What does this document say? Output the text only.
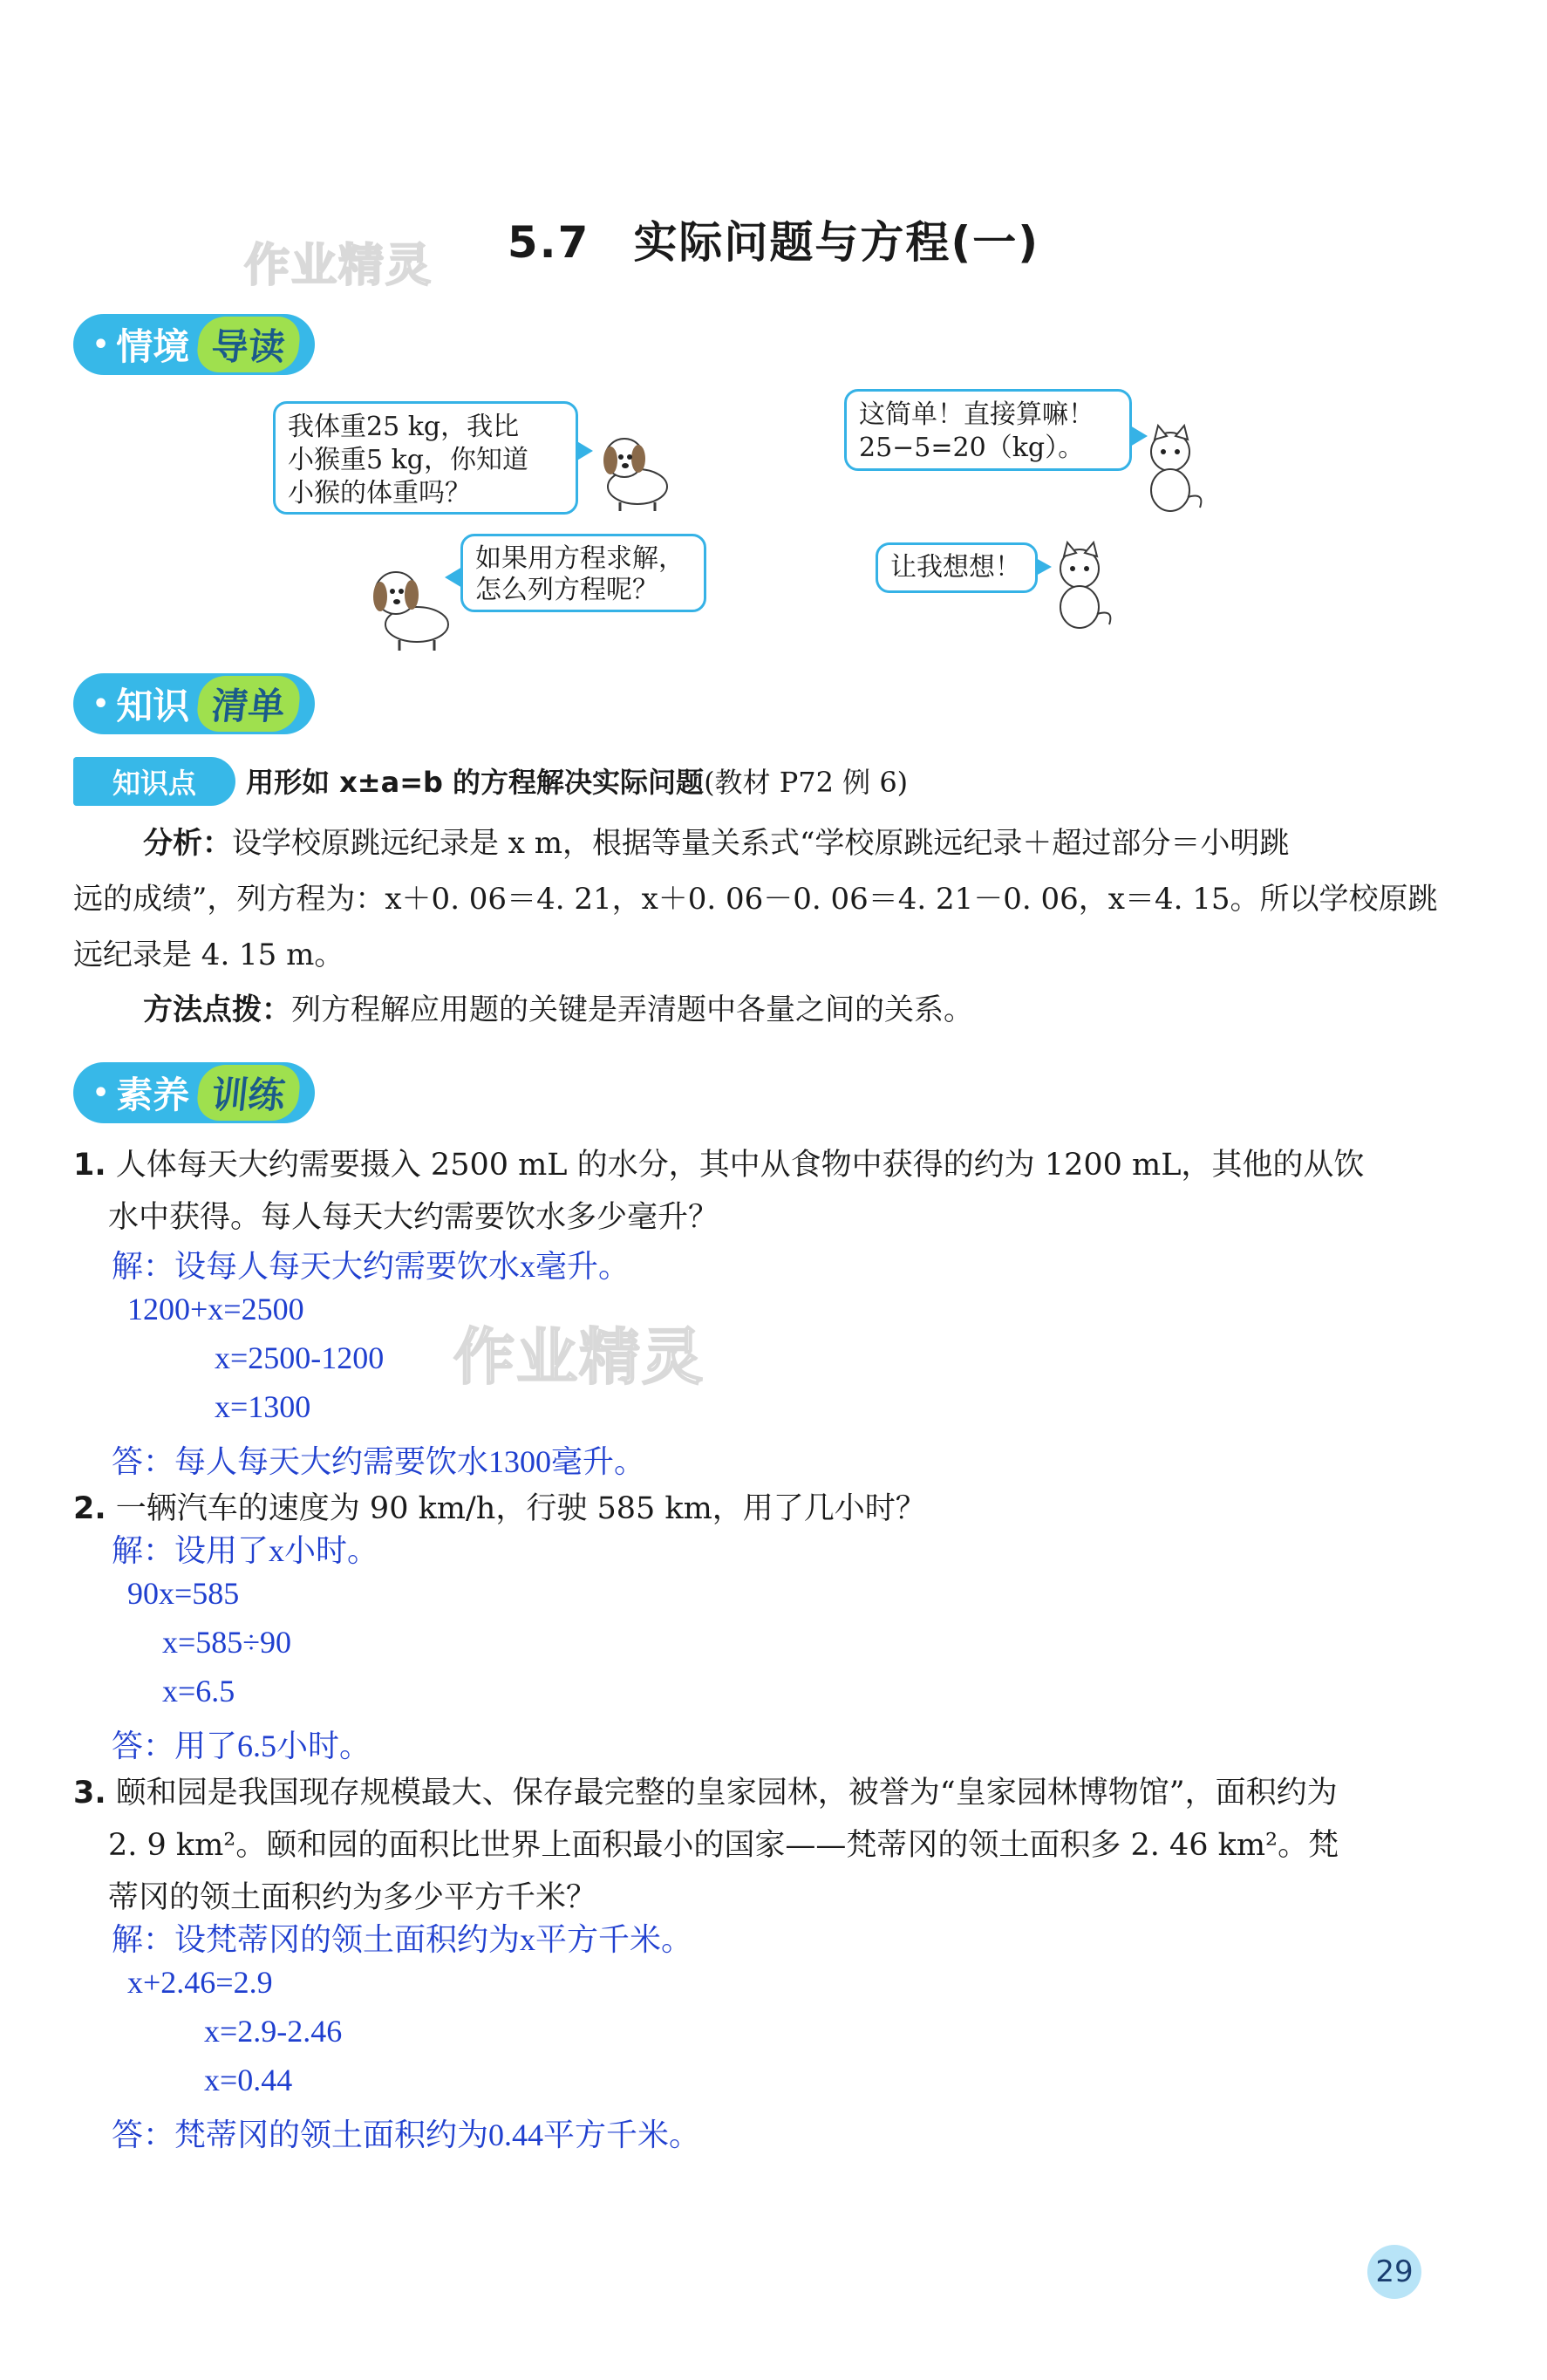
5.7 实际问题与方程(一)
作业精灵
• 情境 导读
我体重25 kg，我比
小猴重5 kg，你知道
小猴的体重吗？
这简单！直接算嘛！
25−5=20（kg）。
如果用方程求解，
怎么列方程呢？
让我想想！
• 知识 清单
知识点	用形如 x±a=b 的方程解决实际问题(教材 P72 例 6)
分析：设学校原跳远纪录是 x m，根据等量关系式“学校原跳远纪录＋超过部分＝小明跳
远的成绩”，列方程为：x＋0. 06＝4. 21，x＋0. 06－0. 06＝4. 21－0. 06，x＝4. 15。所以学校原跳
远纪录是 4. 15 m。
方法点拨：列方程解应用题的关键是弄清题中各量之间的关系。
• 素养 训练
1. 人体每天大约需要摄入 2500 mL 的水分，其中从食物中获得的约为 1200 mL，其他的从饮
水中获得。每人每天大约需要饮水多少毫升？
解：设每人每天大约需要饮水x毫升。
1200+x=2500
x=2500-1200
x=1300
答：每人每天大约需要饮水1300毫升。
作业精灵
2. 一辆汽车的速度为 90 km/h，行驶 585 km，用了几小时？
解：设用了x小时。
90x=585
x=585÷90
x=6.5
答：用了6.5小时。
3. 颐和园是我国现存规模最大、保存最完整的皇家园林，被誉为“皇家园林博物馆”，面积约为
2. 9 km²。颐和园的面积比世界上面积最小的国家——梵蒂冈的领土面积多 2. 46 km²。梵
蒂冈的领土面积约为多少平方千米？
解：设梵蒂冈的领土面积约为x平方千米。
x+2.46=2.9
x=2.9-2.46
x=0.44
答：梵蒂冈的领土面积约为0.44平方千米。
29
